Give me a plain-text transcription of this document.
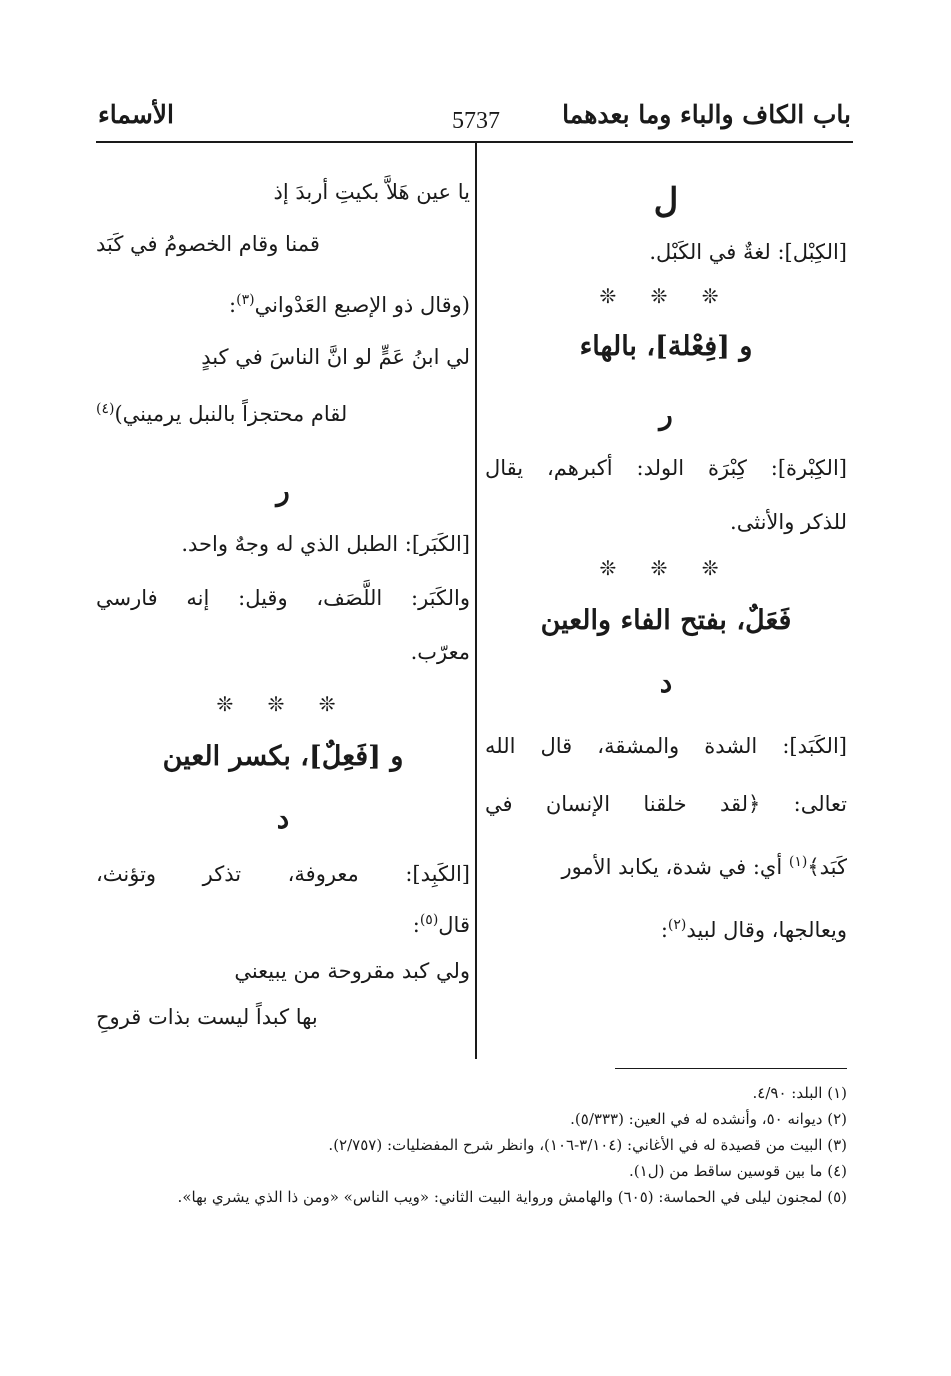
باب الكاف والباء وما بعدهما
5737
الأسماء
ل
[الكِبْل]: لغةٌ في الكَبْل.
❊ ❊ ❊
و [فِعْلة]، بالهاء
ر
[الكِبْرة]: كِبْرَة الولد: أكبرهم، يقال
للذكر والأنثى.
❊ ❊ ❊
فَعَلٌ، بفتح الفاء والعين
د
[الكَبَد]: الشدة والمشقة، قال الله
تعالى: ﴿لقد خلقنا الإنسان في
كَبَد﴾$^{(١)}$ أي: في شدة، يكابد الأمور
ويعالجها، وقال لبيد$^{(٢)}$:
يا عين هَلاَّ بكيتِ أربدَ إذ
قمنا وقام الخصومُ في كَبَد
(وقال ذو الإصبع العَدْواني$^{(٣)}$:
لي ابنُ عَمٍّ لو انَّ الناسَ في كبدٍ
لقام محتجزاً بالنبل يرميني)$^{(٤)}$
ر
[الكَبَر]: الطبل الذي له وجهٌ واحد.
والكَبَر: اللَّصَف، وقيل: إنه فارسي
معرّب.
❊ ❊ ❊
و [فَعِلٌ]، بكسر العين
د
[الكَبِد]: معروفة، تذكر وتؤنث،
قال$^{(٥)}$:
ولي كبد مقروحة من يبيعني
بها كبداً ليست بذات قروحِ
(١) البلد: ٤/٩٠.
(٢) ديوانه ٥٠، وأنشده له في العين: (٥/٣٣٣).
(٣) البيت من قصيدة له في الأغاني: (٣/١٠٤-١٠٦)، وانظر شرح المفضليات: (٢/٧٥٧).
(٤) ما بين قوسين ساقط من (ل١).
(٥) لمجنون ليلى في الحماسة: (٦٠٥) والهامش ورواية البيت الثاني: «ويب الناس» «ومن ذا الذي يشري بها».
